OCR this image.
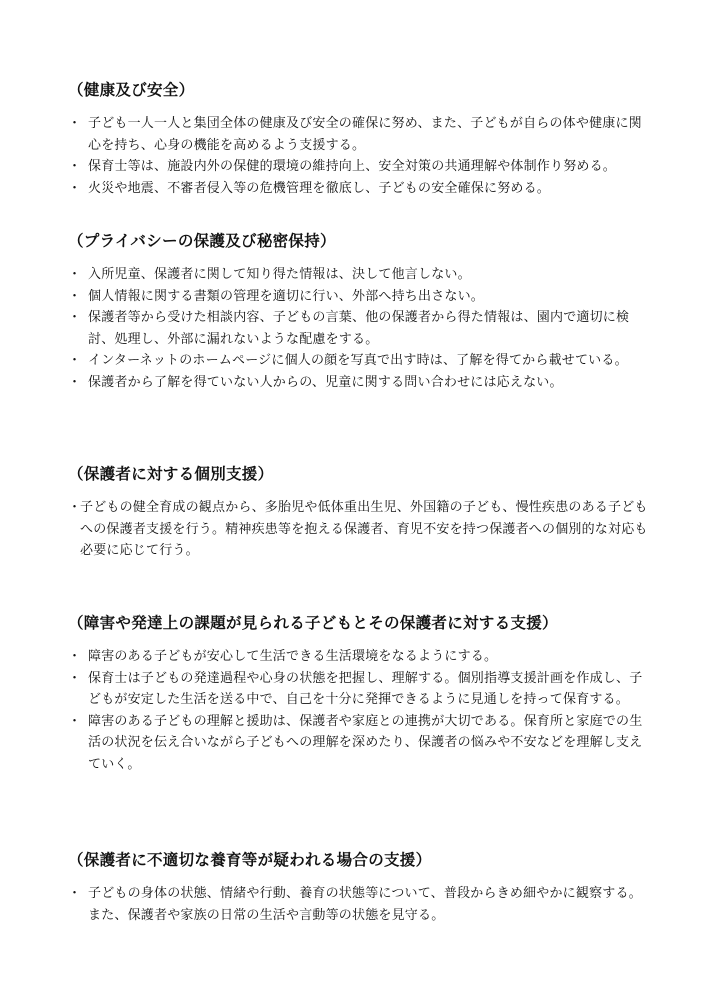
（健康及び安全）
・ 子ども一人一人と集団全体の健康及び安全の確保に努め、また、子どもが自らの体や健康に関心を持ち、心身の機能を高めるよう支援する。
・ 保育士等は、施設内外の保健的環境の維持向上、安全対策の共通理解や体制作り努める。
・ 火災や地震、不審者侵入等の危機管理を徹底し、子どもの安全確保に努める。
（プライバシーの保護及び秘密保持）
・ 入所児童、保護者に関して知り得た情報は、決して他言しない。
・ 個人情報に関する書類の管理を適切に行い、外部へ持ち出さない。
・ 保護者等から受けた相談内容、子どもの言葉、他の保護者から得た情報は、園内で適切に検討、処理し、外部に漏れないような配慮をする。
・ インターネットのホームページに個人の顔を写真で出す時は、了解を得てから載せている。
・ 保護者から了解を得ていない人からの、児童に関する問い合わせには応えない。
（保護者に対する個別支援）
・
子どもの健全育成の観点から、多胎児や低体重出生児、外国籍の子ども、慢性疾患のある子どもへの保護者支援を行う。精神疾患等を抱える保護者、育児不安を持つ保護者への個別的な対応も必要に応じて行う。
（障害や発達上の課題が見られる子どもとその保護者に対する支援）
・ 障害のある子どもが安心して生活できる生活環境をなるようにする。
・ 保育士は子どもの発達過程や心身の状態を把握し、理解する。個別指導支援計画を作成し、子どもが安定した生活を送る中で、自己を十分に発揮できるように見通しを持って保育する。
・ 障害のある子どもの理解と援助は、保護者や家庭との連携が大切である。保育所と家庭での生活の状況を伝え合いながら子どもへの理解を深めたり、保護者の悩みや不安などを理解し支えていく。
（保護者に不適切な養育等が疑われる場合の支援）
・ 子どもの身体の状態、情緒や行動、養育の状態等について、普段からきめ細やかに観察する。また、保護者や家族の日常の生活や言動等の状態を見守る。
